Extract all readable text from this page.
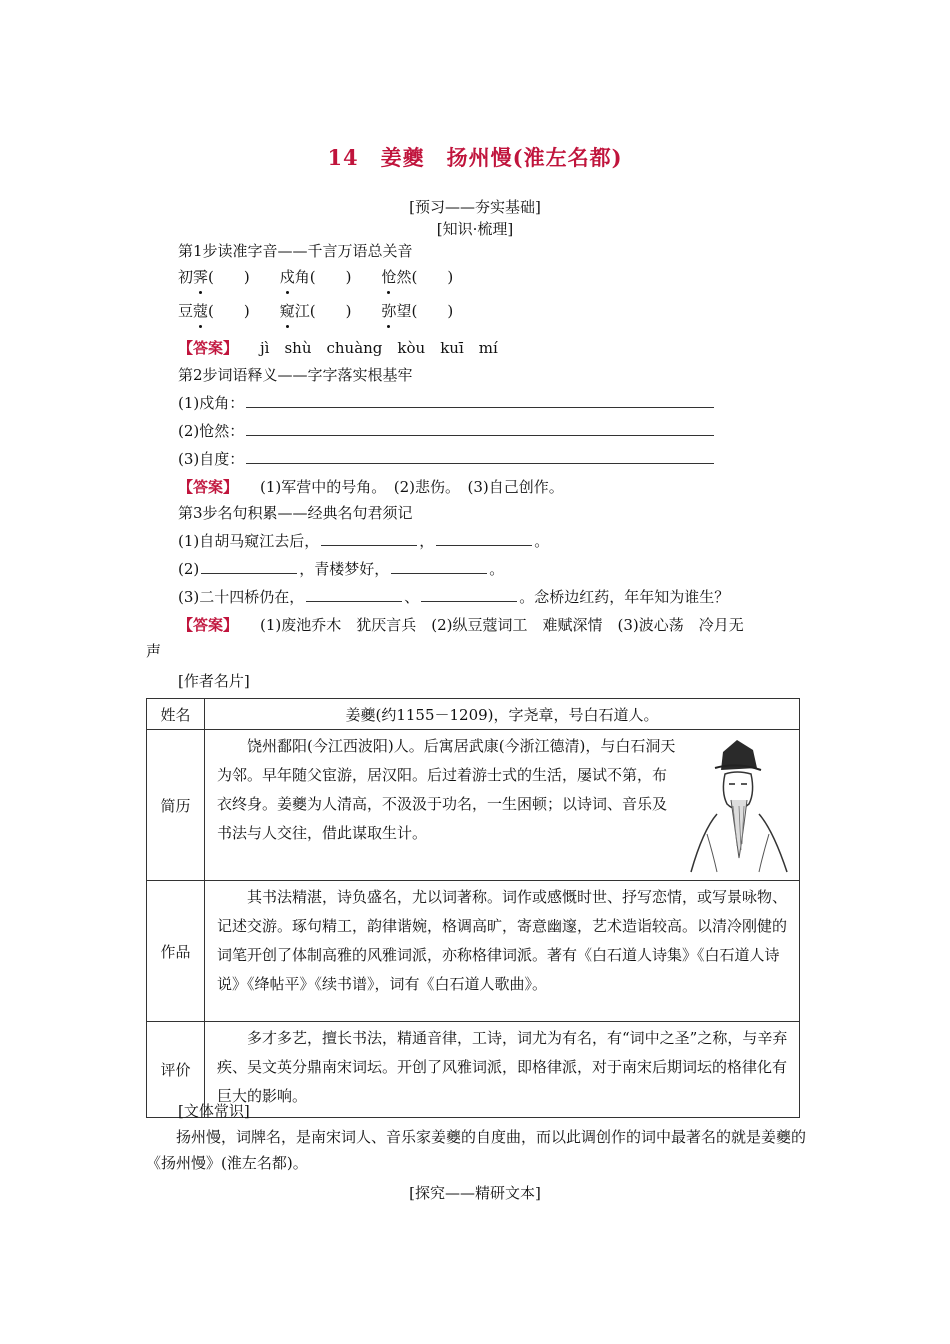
14　姜夔　扬州慢(淮左名都)
[预习——夯实基础]
[知识·梳理]
第1步读准字音——千言万语总关音
初霁(　　) 戍角(　　) 怆然(　　)
豆蔻(　　) 窥江(　　) 弥望(　　)
【答案】 jì　shù　chuàng　kòu　kuī　mí
第2步词语释义——字字落实根基牢
(1)戍角：
(2)怆然：
(3)自度：
【答案】 (1)军营中的号角。　(2)悲伤。　(3)自己创作。
第3步名句积累——经典名句君须记
(1)自胡马窥江去后，	，	。
(2)	，青楼梦好，	。
(3)二十四桥仍在，	、	。念桥边红药，年年知为谁生？
【答案】 (1)废池乔木　犹厌言兵　(2)纵豆蔻词工　难赋深情　(3)波心荡　冷月无
声
[作者名片]
姓名	姜夔(约1155－1209)，字尧章，号白石道人。
简历	饶州鄱阳(今江西波阳)人。后寓居武康(今浙江德清)，与白石洞天为邻。早年随父宦游，居汉阳。后过着游士式的生活，屡试不第，布衣终身。姜夔为人清高，不汲汲于功名，一生困顿；以诗词、音乐及书法与人交往，借此谋取生计。

作品	其书法精湛，诗负盛名，尤以词著称。词作或感慨时世、抒写恋情，或写景咏物、记述交游。琢句精工，韵律谐婉，格调高旷，寄意幽邃，艺术造诣较高。以清冷刚健的词笔开创了体制高雅的风雅词派，亦称格律词派。著有《白石道人诗集》《白石道人诗说》《绛帖平》《续书谱》，词有《白石道人歌曲》。
评价	多才多艺，擅长书法，精通音律，工诗，词尤为有名，有“词中之圣”之称，与辛弃疾、吴文英分鼎南宋词坛。开创了风雅词派，即格律派，对于南宋后期词坛的格律化有巨大的影响。
[文体常识]
扬州慢，词牌名，是南宋词人、音乐家姜夔的自度曲，而以此调创作的词中最著名的就是姜夔的《扬州慢》(淮左名都)。
[探究——精研文本]
